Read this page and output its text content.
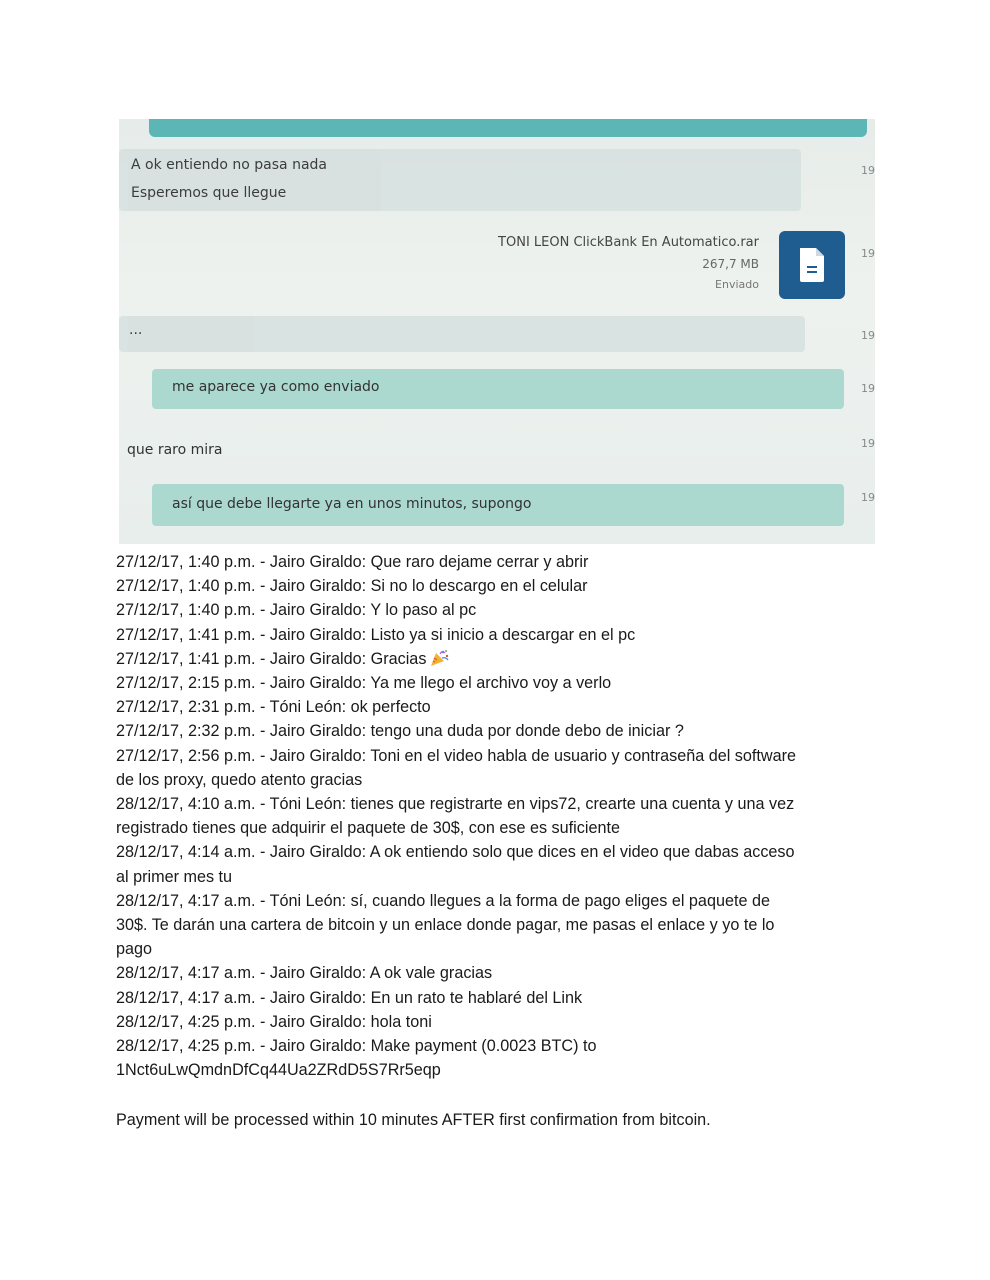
A ok entiendo no pasa nada
Esperemos que llegue
19
TONI LEON ClickBank En Automatico.rar
267,7 MB
Enviado
19
...	19
me aparece ya como enviado	19
que raro mira	19
así que debe llegarte ya en unos minutos, supongo	19
27/12/17, 1:40 p.m. - Jairo Giraldo: Que raro dejame cerrar y abrir
27/12/17, 1:40 p.m. - Jairo Giraldo: Si no lo descargo en el celular
27/12/17, 1:40 p.m. - Jairo Giraldo: Y lo paso al pc
27/12/17, 1:41 p.m. - Jairo Giraldo: Listo ya si inicio a descargar en el pc
27/12/17, 1:41 p.m. - Jairo Giraldo: Gracias
27/12/17, 2:15 p.m. - Jairo Giraldo: Ya me llego el archivo voy a verlo
27/12/17, 2:31 p.m. - Tóni León: ok perfecto
27/12/17, 2:32 p.m. - Jairo Giraldo: tengo una duda por donde debo de iniciar ?
27/12/17, 2:56 p.m. - Jairo Giraldo: Toni en el video habla de usuario y contraseña del software
de los proxy, quedo atento gracias
28/12/17, 4:10 a.m. - Tóni León: tienes que registrarte en vips72, crearte una cuenta y una vez
registrado tienes que adquirir el paquete de 30$, con ese es suficiente
28/12/17, 4:14 a.m. - Jairo Giraldo: A ok entiendo solo que dices en el video que dabas acceso
al primer mes tu
28/12/17, 4:17 a.m. - Tóni León: sí, cuando llegues a la forma de pago eliges el paquete de
30$. Te darán una cartera de bitcoin y un enlace donde pagar, me pasas el enlace y yo te lo
pago
28/12/17, 4:17 a.m. - Jairo Giraldo: A ok vale gracias
28/12/17, 4:17 a.m. - Jairo Giraldo: En un rato te hablaré del Link
28/12/17, 4:25 p.m. - Jairo Giraldo: hola toni
28/12/17, 4:25 p.m. - Jairo Giraldo: Make payment (0.0023 BTC) to
1Nct6uLwQmdnDfCq44Ua2ZRdD5S7Rr5eqp

Payment will be processed within 10 minutes AFTER first confirmation from bitcoin.
